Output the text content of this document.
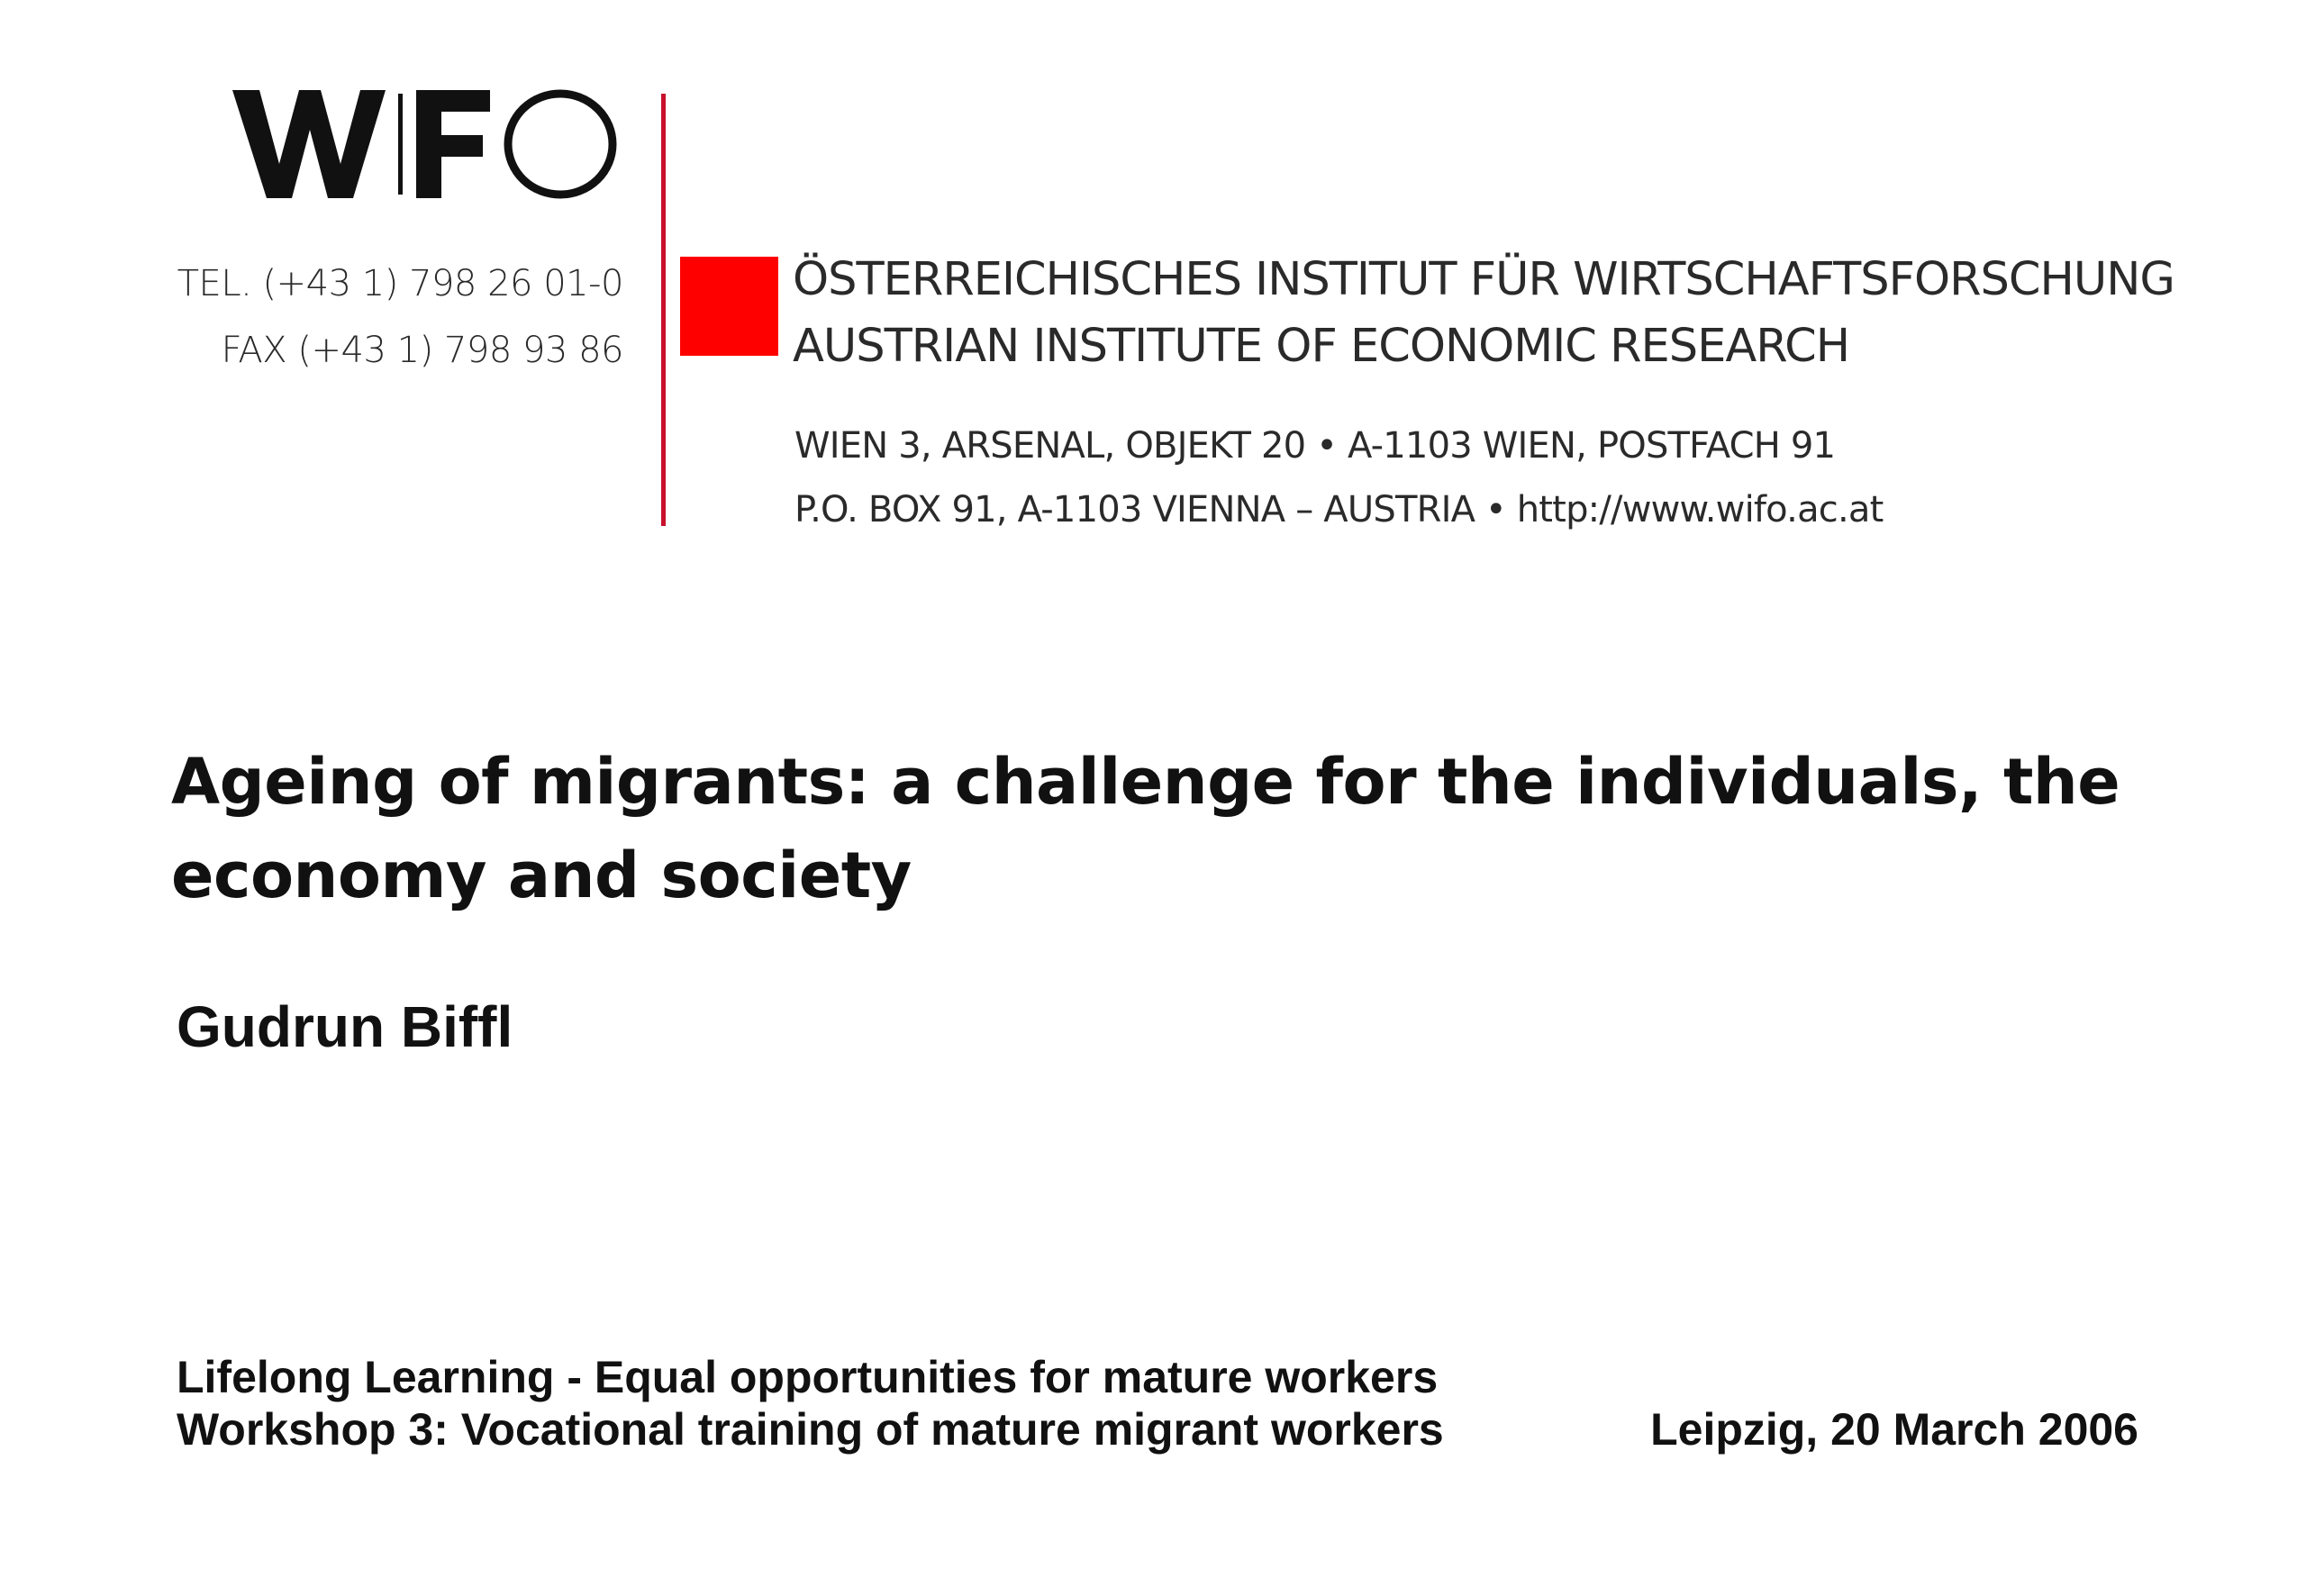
TEL. (+43 1) 798 26 01-0
FAX (+43 1) 798 93 86
ÖSTERREICHISCHES INSTITUT FÜR WIRTSCHAFTSFORSCHUNG
AUSTRIAN INSTITUTE OF ECONOMIC RESEARCH
WIEN 3, ARSENAL, OBJEKT 20 • A-1103 WIEN, POSTFACH 91
P.O. BOX 91, A-1103 VIENNA – AUSTRIA • http://www.wifo.ac.at
Ageing of migrants: a challenge for the individuals, the
economy and society
Gudrun Biffl
Lifelong Learning - Equal opportunities for mature workers
Workshop 3: Vocational training of mature migrant workers	Leipzig, 20 March 2006
